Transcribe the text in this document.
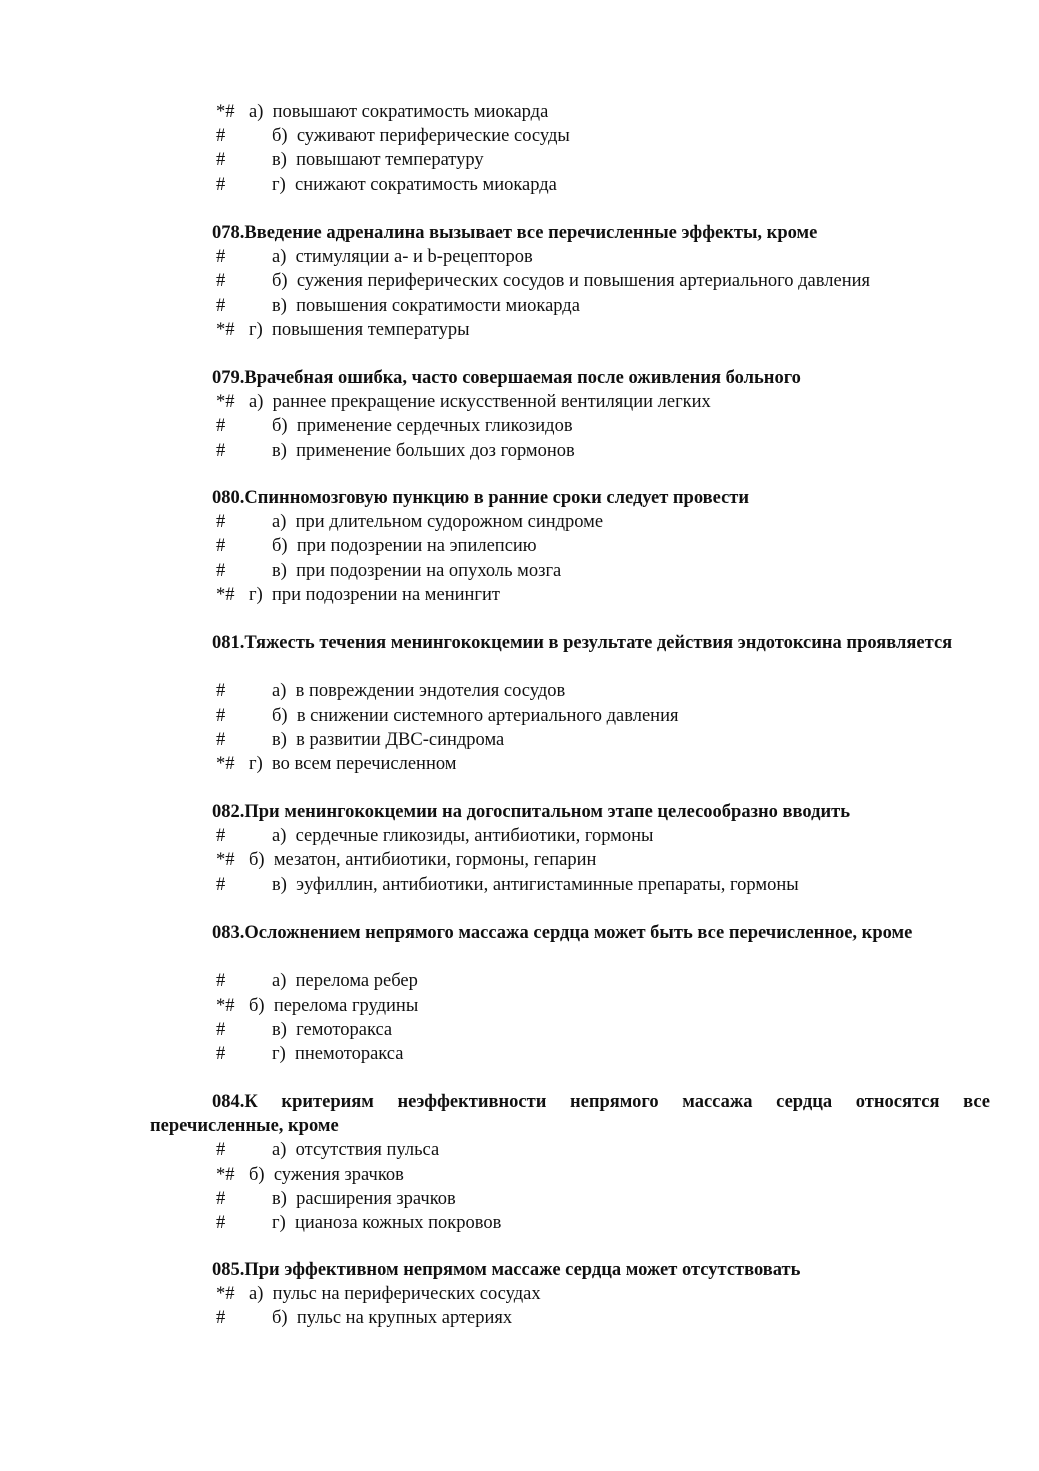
*# а)  повышают сократимость миокарда
#	б)  суживают периферические сосуды
#	в)  повышают температуру
#	г)  снижают сократимость миокарда
078.Введение адреналина вызывает все перечисленные эффекты, кроме
#	а)  стимуляции а- и b-рецепторов
#	б)  сужения периферических сосудов и повышения артериального давления
#	в)  повышения сократимости миокарда
*# г)  повышения температуры
079.Врачебная ошибка, часто совершаемая после оживления больного
*# а)  раннее прекращение искусственной вентиляции легких
#	б)  применение сердечных гликозидов
#	в)  применение больших доз гормонов
080.Спинномозговую пункцию в ранние сроки следует провести
#	а)  при длительном судорожном синдроме
#	б)  при подозрении на эпилепсию
#	в)  при подозрении на опухоль мозга
*# г)  при подозрении на менингит
081.Тяжесть течения менингококцемии в результате действия эндотоксина проявляется
#	а)  в повреждении эндотелия сосудов
#	б)  в снижении системного артериального давления
#	в)  в развитии ДВС-синдрома
*# г)  во всем перечисленном
082.При менингококцемии на догоспитальном этапе целесообразно вводить
#	а)  сердечные гликозиды, антибиотики, гормоны
*# б)  мезатон, антибиотики, гормоны, гепарин
#	в)  эуфиллин, антибиотики, антигистаминные препараты, гормоны
083.Осложнением непрямого массажа сердца может быть все перечисленное, кроме
#	а)  перелома ребер
*# б)  перелома грудины
#	в)  гемоторакса
#	г)  пнемоторакса
084.К критериям неэффективности непрямого массажа сердца относятся все перечисленные, кроме
#	а)  отсутствия пульса
*# б)  сужения зрачков
#	в)  расширения зрачков
#	г)  цианоза кожных покровов
085.При эффективном непрямом массаже сердца может отсутствовать
*# а)  пульс на периферических сосудах
#	б)  пульс на крупных артериях
